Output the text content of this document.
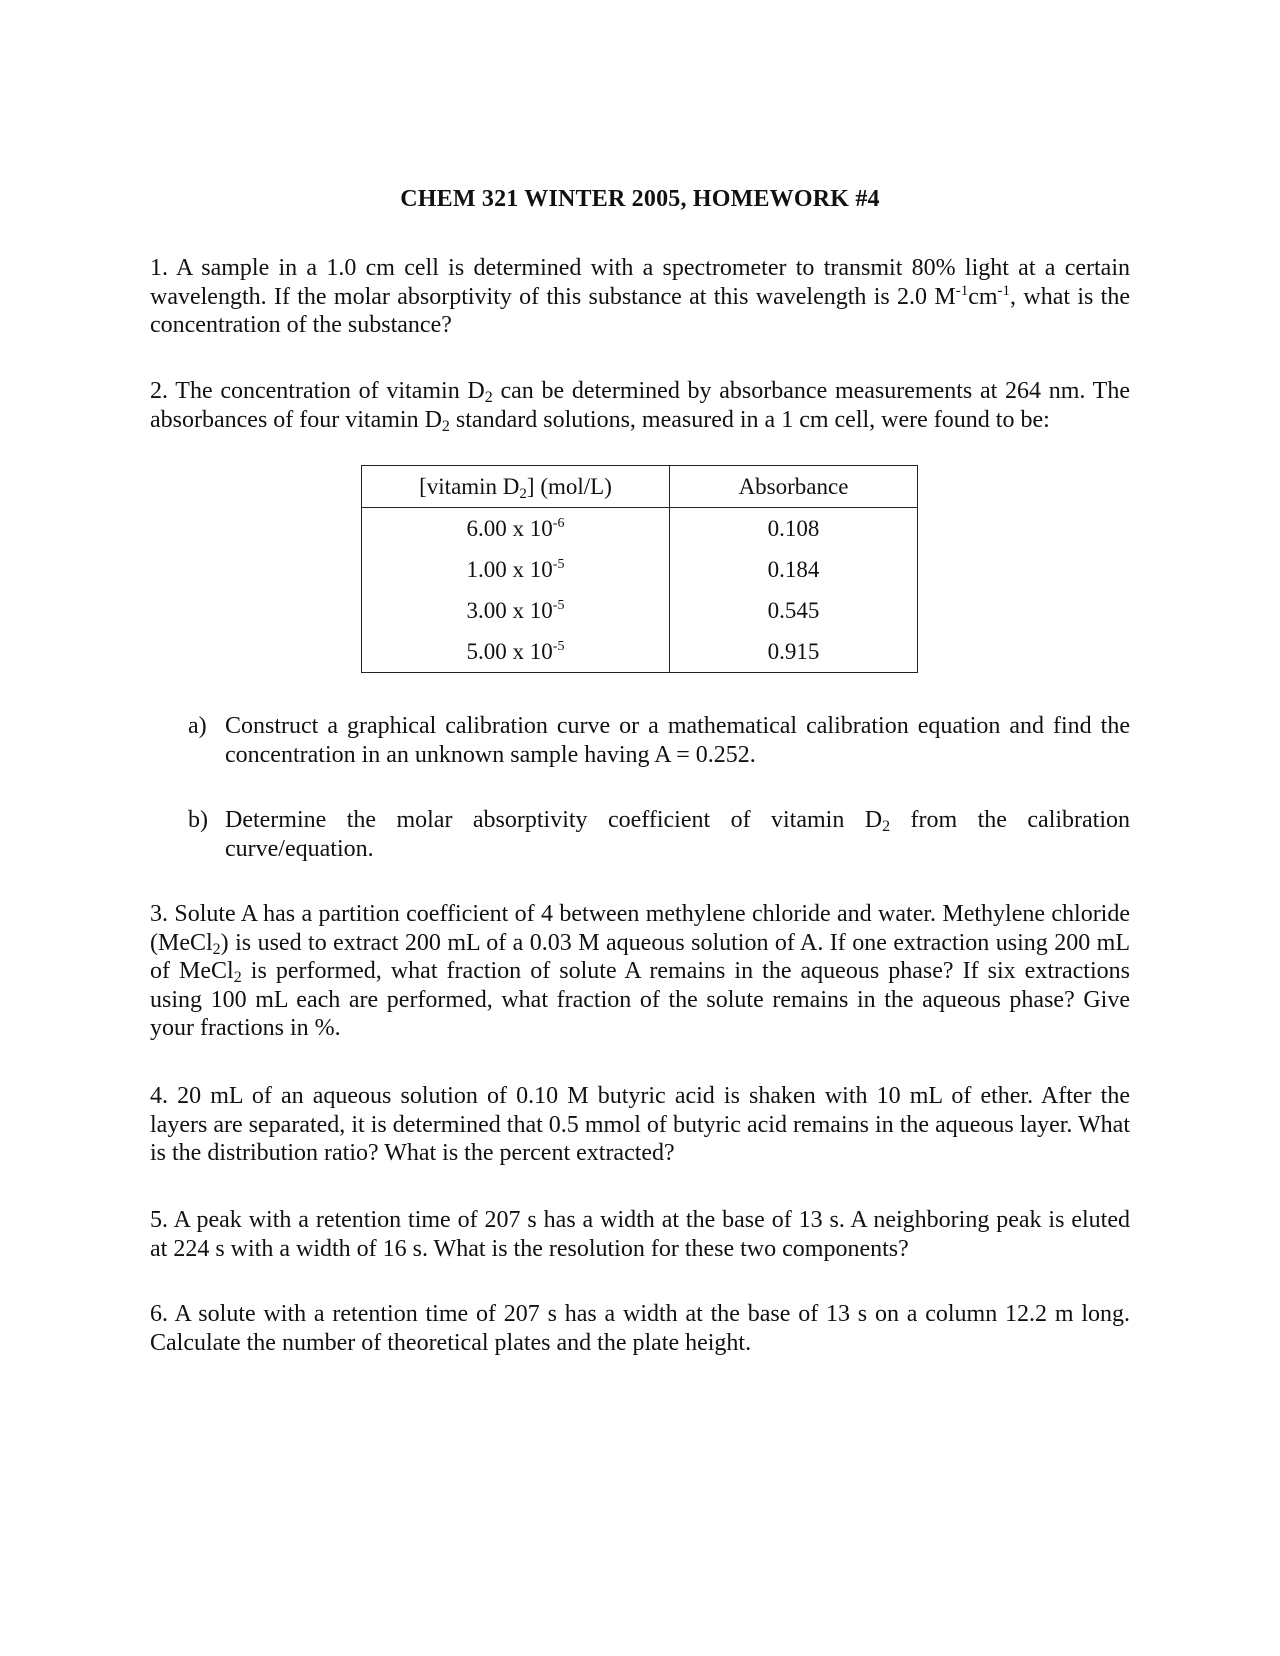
CHEM 321 WINTER 2005, HOMEWORK #4

1. A sample in a 1.0 cm cell is determined with a spectrometer to transmit 80% light at a certain wavelength. If the molar absorptivity of this substance at this wavelength is 2.0 $M^{-1}cm^{-1}$, what is the concentration of the substance?

2. The concentration of vitamin $D_2$ can be determined by absorbance measurements at 264 nm. The absorbances of four vitamin $D_2$ standard solutions, measured in a 1 cm cell, were found to be:

[vitamin $D_2$] (mol/L)	Absorbance
6.00 x $10^{-6}$	0.108
1.00 x $10^{-5}$	0.184
3.00 x $10^{-5}$	0.545
5.00 x $10^{-5}$	0.915
a) Construct a graphical calibration curve or a mathematical calibration equation and find the concentration in an unknown sample having A = 0.252.
b) Determine the molar absorptivity coefficient of vitamin $D_2$ from the calibration curve/equation.

3. Solute A has a partition coefficient of 4 between methylene chloride and water. Methylene chloride (MeCl$_2$) is used to extract 200 mL of a 0.03 M aqueous solution of A. If one extraction using 200 mL of MeCl$_2$ is performed, what fraction of solute A remains in the aqueous phase? If six extractions using 100 mL each are performed, what fraction of the solute remains in the aqueous phase? Give your fractions in %.

4. 20 mL of an aqueous solution of 0.10 M butyric acid is shaken with 10 mL of ether. After the layers are separated, it is determined that 0.5 mmol of butyric acid remains in the aqueous layer. What is the distribution ratio? What is the percent extracted?

5. A peak with a retention time of 207 s has a width at the base of 13 s. A neighboring peak is eluted at 224 s with a width of 16 s. What is the resolution for these two components?

6. A solute with a retention time of 207 s has a width at the base of 13 s on a column 12.2 m long. Calculate the number of theoretical plates and the plate height.
